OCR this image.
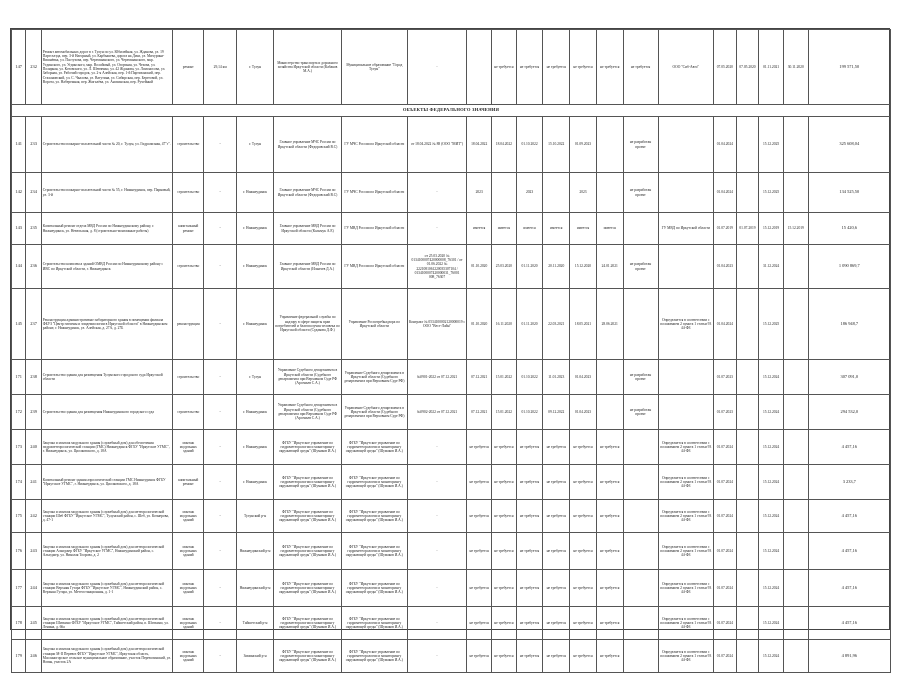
147	232	Ремонт автомобильных дорог в г. Тулун по ул. Юбилейная, ул. Жданова, ул. 19 Партсъезда, пер. 3-й Нагорный, ул. Карбышева, дорога на Дачи, ул. Мичурина-Вишнёвка, ул. Пастухова, пер. Черемшанского, ул. Черемшанского, мкр. Угдинского, ул. Угдинского, мкр. Волоймый, ул. Огорчная, ул. Чехова, ул. Полярная, ул. Котовского, ул. Л. Шевченко, ул. 42 Жданова, ул. Ломоносова, ул. Заборная, ул. Рабочий городок, ул. 2-я Алейская, пер. 1-й Партизанский, пер. Стахановский, ул. С. Чкалова, ул. Ватутина, ул. Сибирская, пер. Береговой, ул. Ворота, ул. Набережная, пер. Жигалёва, ул. Анохинская, пер. Ручейный	ремонт	29,14 км	г. Тулун	Министерство транспорта и дорожного хозяйства Иркутской области (Кабаков М.А.)	Муниципальное образование "Город Тулун"	-		не требуется	не требуется	не требуется	не требуется	не требуется	не требуется	ООО "Сиб-Авто"	07.05.2020	07.05.2020	01.11.2021	30.11.2020	199 571,50
ОБЪЕКТЫ ФЕДЕРАЛЬНОГО ЗНАЧЕНИЯ																					
141	233	Строительство пожарно-спасательной части № 20, г. Тулун, ул. Гидролизная, 47"г".	строительство	-	г. Тулун	Главное управление МЧС России по Иркутской области (Федоровский В.С)	ГУ МЧС России по Иркутской области	от 18.04.2022 № 88 (ООО "МИТ")	18.04.2022	18.04.2022	01.10.2022	15.10.2022	01.09.2023		не разработан проект		01.04.2024		15.12.2025		325 608,04
142	234	Строительство пожарно-спасательной части № 55, г. Нижнеудинск, пер. Парковый, ул. 3-й	строительство	-	г. Нижнеудинск	Главное управление МЧС России по Иркутской области (Федоровский В.С)	ГУ МЧС России по Иркутской области	-	2023		2023		2023		не разработан проект		01.04.2024		15.12.2025		134 525,50
143	235	Капитальный ремонт отдела МВД России по Нижнеудинскому району, г. Нижнеудинск, ул. Невельская, д. 8 (строительно-монтажные работы)	капитальный ремонт	-	г. Нижнеудинск	Главное управление МВД России по Иркутской области (Кальмук А.Е)	ГУ МВД России по Иркутской области	-	имеется	имеется	имеется	имеется	имеется	имеется		ГУ МВД по Иркутской области	01.07.2019	01.07.2019	15.12.2019	15.12.2019	15 420,6
144	236	Строительство комплекса зданий ОМВД России по Нижнеудинскому району с ИВС по Иркутской области, г. Нижнеудинск	строительство	-	г. Нижнеудинск	Главное управление МВД России по Иркутской области (Ильичев Д.А.)	ГУ МВД России по Иркутской области	от 25.03.2020 № 0134100007420000008_76301 / от 01.06.2022 № 2221081061220035307104 / 0134100007420000031_76001 008_76307	01.10.2020	25.03.2020	01.11.2020	20.11.2020	15.12.2020	24.01.2021	не разработан проект		01.04.2023		31.12.2024		1 090 869,7
145	237	Реконструкция административно-лабораторного здания в помещении филиала ФБУЗ "Центр гигиены и эпидемиологии в Иркутской области" в Нижнеудинском районе, г. Нижнеудинск, ул. Алейская, д. 27А, д. 27Б	реконструкция	-	г. Нижнеудинск	Управление федеральной службы по надзору в сфере защиты прав потребителей и благополучия человека по Иркутской области (Судакова Д.Ф.)	Управление Роспотребнадзора по Иркутской области	Контракт № 0534100002120000019 с ООО "Вест-Лайн"	01.10.2020	16.11.2020	01.11.2020	22.03.2021	18.05.2021	28.06.2021		Определяется в соответствии с положением 2 пункта 1 статьи 93 44-ФЗ	01.04.2024		15.12.2025		186 948,7
171	238	Строительство здания для размещения Тулунского городского суда Иркутской области	строительство	-	г. Тулун	Управление Судебного департамента в Иркутской области (Судебного департамента при Верховном Суде РФ (Арсеньев С.А.)	Управление Судебного департамента в Иркутской области (Судебного департамента при Верховном Суде РФ)	№0901-2022 от 07.12.2021	07.12.2021	15.01.2022	01.10.2022	11.01.2023	01.04.2023		не разработан проект		01.07.2023		15.12.2024		307 091,0
172	239	Строительство здания для размещения Нижнеудинского городского суда	строительство	-	г. Нижнеудинск	Управление Судебного департамента в Иркутской области (Судебного департамента при Верховном Суде РФ (Арсеньев С.А.)	Управление Судебного департамента в Иркутской области (Судебного департамента при Верховном Суде РФ)	№0902-2022 от 07.12.2021	07.12.2021	15.01.2022	01.10.2022	09.12.2022	01.04.2023		не разработан проект		01.07.2023		15.12.2024		294 532,0
173	240	Закупка и монтаж модульного здания (служебный дом) для обеспечения гидрометеорологической станции (ГМС) Нижнеудинск ФГБУ "Иркутское УГМС", г. Нижнеудинск, ул. Циолковского, д. 18А	монтаж модульных зданий	-	г. Нижнеудинск	ФГБУ "Иркутское управление по гидрометеорологии и мониторингу окружающей среды" (Шумаков И.А.)	ФГБУ "Иркутское управление по гидрометеорологии и мониторингу окружающей среды" (Шумаков И.А.)	-	не требуется	не требуется	не требуется	не требуется	не требуется	не требуется		Определяется в соответствии с положением 2 пункта 1 статьи 93 44-ФЗ	01.07.2024		15.12.2024		4 457,16
174	241	Капитальный ремонт здания аэрологической станции ГМС Нижнеудинск ФГБУ "Иркутское УГМС", г. Нижнеудинск, ул. Циолковского, д. 18А	капитальный ремонт	-	г. Нижнеудинск	ФГБУ "Иркутское управление по гидрометеорологии и мониторингу окружающей среды" (Шумаков И.А.)	ФГБУ "Иркутское управление по гидрометеорологии и мониторингу окружающей среды" (Шумаков И.А.)	-	не требуется	не требуется	не требуется	не требуется	не требуется	не требуется		Определяется в соответствии с положением 2 пункта 1 статьи 93 44-ФЗ	01.07.2024		15.12.2024		3 233,7
175	242	Закупка и монтаж модульного здания (служебный дом) для метеорологической станции Шеб ФГБУ "Иркутское УГМС", Тулунский район, с. Шеб, ул. Кочнерова, д. 47-1	монтаж модульных зданий	-	Тулунский р-н	ФГБУ "Иркутское управление по гидрометеорологии и мониторингу окружающей среды" (Шумаков И.А.)	ФГБУ "Иркутское управление по гидрометеорологии и мониторингу окружающей среды" (Шумаков И.А.)	-	не требуется	не требуется	не требуется	не требуется	не требуется	не требуется		Определяется в соответствии с положением 2 пункта 1 статьи 93 44-ФЗ	01.07.2024		15.12.2024		4 457,16
176	243	Закупка и монтаж модульного здания (служебный дом) для метеорологической станции Алыгджер ФГБУ "Иркутское УГМС", Нижнеудинский район, с. Алыгджер, ул. Николая Тоорова, д. 2	монтаж модульных зданий	-	Нижнеудинский р-н	ФГБУ "Иркутское управление по гидрометеорологии и мониторингу окружающей среды" (Шумаков И.А.)	ФГБУ "Иркутское управление по гидрометеорологии и мониторингу окружающей среды" (Шумаков И.А.)	-	не требуется	не требуется	не требуется	не требуется	не требуется	не требуется		Определяется в соответствии с положением 2 пункта 1 статьи 93 44-ФЗ	01.07.2024		15.12.2024		4 457,16
177	244	Закупка и монтаж модульного здания (служебный дом) для метеорологической станции Верхняя Гутара ФГБУ "Иркутское УГМС", Нижнеудинский район, с. Верхняя Гутара, ул. Метеостанционная, д. 1-1	монтаж модульных зданий	-	Нижнеудинский р-н	ФГБУ "Иркутское управление по гидрометеорологии и мониторингу окружающей среды" (Шумаков И.А.)	ФГБУ "Иркутское управление по гидрометеорологии и мониторингу окружающей среды" (Шумаков И.А.)	-	не требуется	не требуется	не требуется	не требуется	не требуется	не требуется		Определяется в соответствии с положением 2 пункта 1 статьи 93 44-ФЗ	01.07.2024		15.12.2024		4 457,16
178	245	Закупка и монтаж модульного здания (служебный дом) для метеорологической станции Шиткино ФГБУ "Иркутское УГМС", Тайшетский район, п. Шиткино, ул. Ленина, д. 66а	монтаж модульных зданий	-	Тайшетский р-н	ФГБУ "Иркутское управление по гидрометеорологии и мониторингу окружающей среды" (Шумаков И.А.)	ФГБУ "Иркутское управление по гидрометеорологии и мониторингу окружающей среды" (Шумаков И.А.)	-	не требуется	не требуется	не требуется	не требуется	не требуется	не требуется		Определяется в соответствии с положением 2 пункта 1 статьи 93 44-ФЗ	01.07.2024		15.12.2024		4 457,16
179	246	Закупка и монтаж модульного здания (служебный дом) для метеорологической станции М-II Перевоз ФГБУ "Иркутское УГМС", Иркутская область, Масляногорское сельское муниципальное образование, участок Перевозинский, ул. Новая, участок 2А	монтаж модульных зданий	-	Зиминский р-н	ФГБУ "Иркутское управление по гидрометеорологии и мониторингу окружающей среды" (Шумаков И.А.)	ФГБУ "Иркутское управление по гидрометеорологии и мониторингу окружающей среды" (Шумаков И.А.)	-	не требуется	не требуется	не требуется	не требуется	не требуется	не требуется		Определяется в соответствии с положением 2 пункта 1 статьи 93 44-ФЗ	01.07.2024		15.12.2024		4 891,96
